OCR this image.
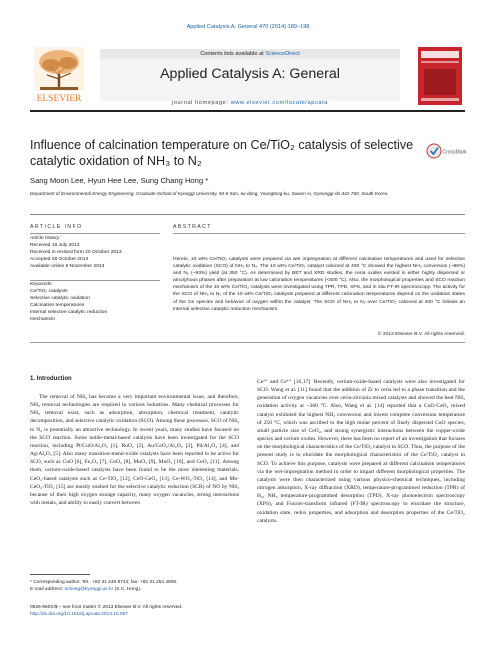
Applied Catalysis A: General 470 (2014) 189–198
ELSEVIER
Contents lists available at ScienceDirect
Applied Catalysis A: General
journal homepage: www.elsevier.com/locate/apcata
Influence of calcination temperature on Ce/TiO₂ catalysis of selective
catalytic oxidation of NH₃ to N₂
CrossMark
Sang Moon Lee, Hyun Hee Lee, Sung Chang Hong *
Department of Environmental Energy Engineering, Graduate School of Kyonggi University, 94-6 San, Iui-dong, Youngtong-ku, Suwon-si, Gyeonggi-do 442-760, South Korea
ARTICLE INFO	ABSTRACT
Article history:
Received 18 July 2013
Received in revised form 20 October 2013
Accepted 28 October 2013
Available online 5 November 2013
Keywords:
Ce/TiO₂ catalysts
Selective catalytic oxidation
Calcination temperatures
Internal selective catalytic reduction
mechanism
Herein, 10 wt% Ce/TiO₂ catalysts were prepared via wet impregnation at different calcination temperatures and used for selective catalytic oxidation (SCO) of NH₃ to N₂. The 10 wt% Ce/TiO₂ catalyst calcined at 400 °C showed the highest NH₃ conversion (~96%) and N₂ (~93%) yield (at 350 °C). As determined by BET and XRD studies, the ceria oxides existed in either highly dispersed or amorphous phases after preparation at low calcination temperatures (<500 °C). Also, the morphological properties and SCO reaction mechanism of the 10 wt% Ce/TiO₂ catalysts were investigated using TPR, TPD, XPS, and in situ FT-IR spectroscopy. The activity for the SCO of NH₃ to N₂ of the 10 wt% Ce/TiO₂ catalysts prepared at different calcination temperatures depend on the oxidation states of the Ce species and behavior of oxygen within the catalyst. The SCO of NH₃ to N₂ over Ce/TiO₂ calcined at 400 °C follows an internal selective catalytic reduction mechanism.
© 2013 Elsevier B.V. All rights reserved.
1. Introduction
The removal of NH₃ has become a very important environmental issue, and therefore, NH₃ removal technologies are required in various industries. Many chemical processes for NH₃ removal exist, such as adsorption, absorption, chemical treatment, catalytic decomposition, and selective catalytic oxidation (SCO). Among these processes, SCO of NH₃ to N₂ is potentially an attractive technology. In recent years, many studies have focused on the SCO reaction. Some noble-metal-based catalysts have been investigated for the SCO reaction, including Pt/CuO/Al₂O₃ [1], RuO₂ [2], Au/CeO₂/Al₂O₃ [3], Pd/Al₂O₃ [4], and Ag/Al₂O₃ [5]. Also many transition-metal-oxide catalysts have been reported to be active for SCO, such as CuO [6], Fe₂O₃ [7], CoO₃ [8], MoO₃ [9], MnO₂ [10], and CeO₂ [11]. Among them, cerium-oxide-based catalysts have been found to be the most interesting materials. CeO₂-based catalysts such as Ce-TiO₂ [12], CeO-CeO₂ [13], Ce-WO₃-TiO₂ [14], and Mn-CeO₂-TiO₂ [15] are mostly studied for the selective catalytic reduction (SCR) of NO by NH₃ because of their high oxygen storage capacity, many oxygen vacancies, strong interactions with metals, and ability to easily convert between
Ce³⁺ and Ce⁴⁺ [16,17]. Recently, cerium-oxide-based catalysts were also investigated for SCO. Wang et al. [11] found that the addition of Zr to ceria led to a phase transition and the generation of oxygen vacancies over ceria-zirconia mixed catalysts and showed the best NH₃ oxidation activity at ~360 °C. Also, Wang et al. [14] reported that a CuO-CeO₂ mixed catalyst exhibited the highest NH₃ conversion and lowest complete conversion temperature of 250 °C, which was ascribed to the high molar percent of finely dispersed CuO species, small particle size of CeO₂, and strong synergistic interactions between the copper-oxide species and cerium oxides. However, there has been no report of an investigation that focuses on the morphological characteristics of the Ce/TiO₂ catalyst in SCO. Thus, the purpose of the present study is to elucidate the morphological characteristics of the Ce/TiO₂ catalyst in SCO. To achieve this purpose, catalysts were prepared at different calcination temperatures via the wet-impregnation method in order to impart different morphological properties. The catalysts were then characterized using various physico-chemical techniques, including nitrogen adsorption, X-ray diffraction (XRD), temperature-programmed reduction (TPR) of H₂, NH₃ temperature-programmed desorption (TPD), X-ray photoelectron spectroscopy (XPS), and Fourier-transform infrared (FT-IR) spectroscopy to elucidate the structure, oxidation state, redox properties, and adsorption and desorption properties of the Ce/TiO₂ catalysts.
* Corresponding author. Tel.: +82 31 249 9744; fax: +82 31 254 4905.
E-mail address: schong@kyonggi.ac.kr (S.C. Hong).
0926-860X/$ – see front matter © 2013 Elsevier B.V. All rights reserved.
http://dx.doi.org/10.1016/j.apcata.2013.10.057
